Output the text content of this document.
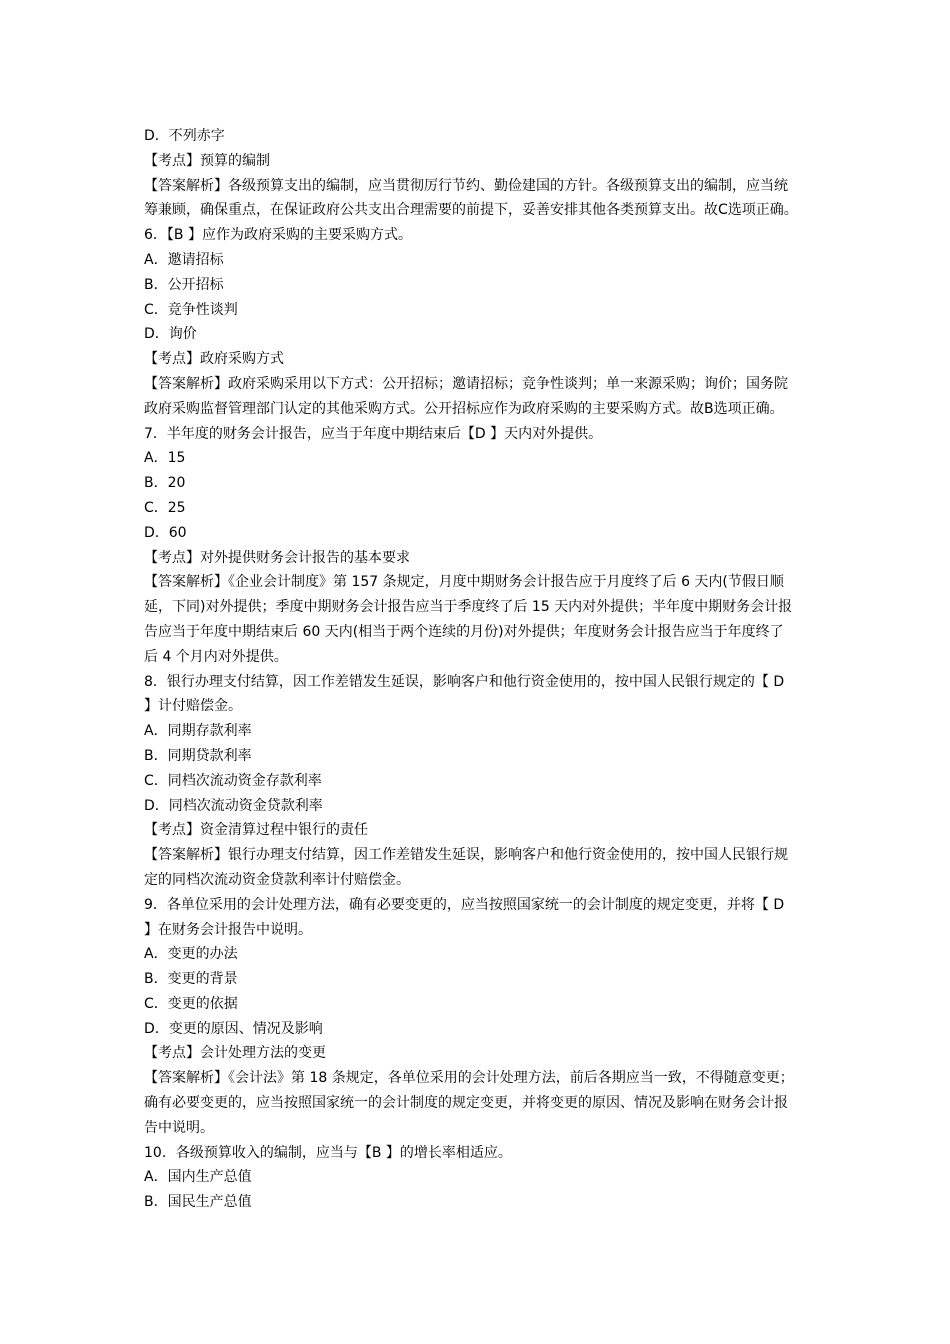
D．不列赤字
【考点】预算的编制
【答案解析】各级预算支出的编制，应当贯彻厉行节约、勤俭建国的方针。各级预算支出的编制，应当统
筹兼顾，确保重点，在保证政府公共支出合理需要的前提下，妥善安排其他各类预算支出。故C选项正确。
6．【B 】应作为政府采购的主要采购方式。
A．邀请招标
B．公开招标
C．竞争性谈判
D．询价
【考点】政府采购方式
【答案解析】政府采购采用以下方式：公开招标；邀请招标；竞争性谈判；单一来源采购；询价；国务院
政府采购监督管理部门认定的其他采购方式。公开招标应作为政府采购的主要采购方式。故B选项正确。
7．半年度的财务会计报告，应当于年度中期结束后【D 】天内对外提供。
A．15
B．20
C．25
D．60
【考点】对外提供财务会计报告的基本要求
【答案解析】《企业会计制度》第 157 条规定，月度中期财务会计报告应于月度终了后 6 天内(节假日顺
延，下同)对外提供；季度中期财务会计报告应当于季度终了后 15 天内对外提供；半年度中期财务会计报
告应当于年度中期结束后 60 天内(相当于两个连续的月份)对外提供；年度财务会计报告应当于年度终了
后 4 个月内对外提供。
8．银行办理支付结算，因工作差错发生延误，影响客户和他行资金使用的，按中国人民银行规定的【 D
】计付赔偿金。
A．同期存款利率
B．同期贷款利率
C．同档次流动资金存款利率
D．同档次流动资金贷款利率
【考点】资金清算过程中银行的责任
【答案解析】银行办理支付结算，因工作差错发生延误，影响客户和他行资金使用的，按中国人民银行规
定的同档次流动资金贷款利率计付赔偿金。
9．各单位采用的会计处理方法，确有必要变更的，应当按照国家统一的会计制度的规定变更，并将【 D
】在财务会计报告中说明。
A．变更的办法
B．变更的背景
C．变更的依据
D．变更的原因、情况及影响
【考点】会计处理方法的变更
【答案解析】《会计法》第 18 条规定，各单位采用的会计处理方法，前后各期应当一致，不得随意变更；
确有必要变更的，应当按照国家统一的会计制度的规定变更，并将变更的原因、情况及影响在财务会计报
告中说明。
10．各级预算收入的编制，应当与【B 】的增长率相适应。
A．国内生产总值
B．国民生产总值
